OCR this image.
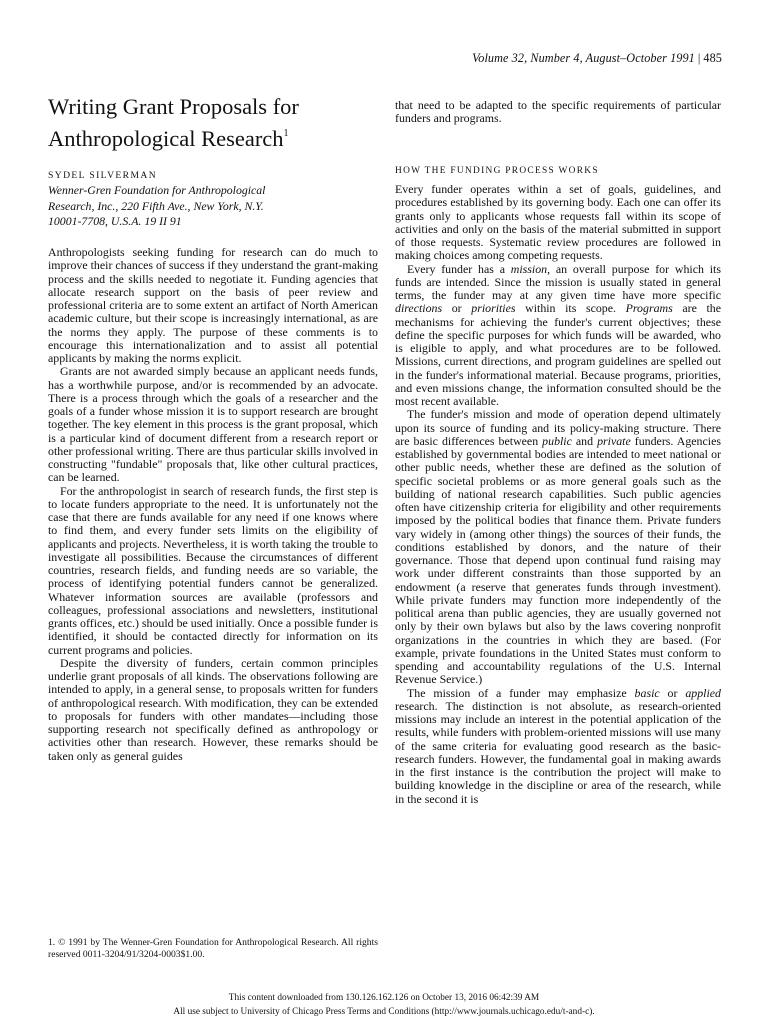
Volume 32, Number 4, August–October 1991 | 485
Writing Grant Proposals for
Anthropological Research$^1$
SYDEL SILVERMAN
Wenner-Gren Foundation for Anthropological
Research, Inc., 220 Fifth Ave., New York, N.Y.
10001-7708, U.S.A. 19 II 91

Anthropologists seeking funding for research can do much to improve their chances of success if they understand the grant-making process and the skills needed to negotiate it. Funding agencies that allocate research support on the basis of peer review and professional criteria are to some extent an artifact of North American academic culture, but their scope is increasingly international, as are the norms they apply. The purpose of these comments is to encourage this internationalization and to assist all potential applicants by making the norms explicit.

Grants are not awarded simply because an applicant needs funds, has a worthwhile purpose, and/or is recommended by an advocate. There is a process through which the goals of a researcher and the goals of a funder whose mission it is to support research are brought together. The key element in this process is the grant proposal, which is a particular kind of document different from a research report or other professional writing. There are thus particular skills involved in constructing "fundable" proposals that, like other cultural practices, can be learned.

For the anthropologist in search of research funds, the first step is to locate funders appropriate to the need. It is unfortunately not the case that there are funds available for any need if one knows where to find them, and every funder sets limits on the eligibility of applicants and projects. Nevertheless, it is worth taking the trouble to investigate all possibilities. Because the circumstances of different countries, research fields, and funding needs are so variable, the process of identifying potential funders cannot be generalized. Whatever information sources are available (professors and colleagues, professional associations and newsletters, institutional grants offices, etc.) should be used initially. Once a possible funder is identified, it should be contacted directly for information on its current programs and policies.

Despite the diversity of funders, certain common principles underlie grant proposals of all kinds. The observations following are intended to apply, in a general sense, to proposals written for funders of anthropological research. With modification, they can be extended to proposals for funders with other mandates—including those supporting research not specifically defined as anthropology or activities other than research. However, these remarks should be taken only as general guides

1. © 1991 by The Wenner-Gren Foundation for Anthropological Research. All rights reserved 0011-3204/91/3204-0003$1.00.

that need to be adapted to the specific requirements of particular funders and programs.

HOW THE FUNDING PROCESS WORKS

Every funder operates within a set of goals, guidelines, and procedures established by its governing body. Each one can offer its grants only to applicants whose requests fall within its scope of activities and only on the basis of the material submitted in support of those requests. Systematic review procedures are followed in making choices among competing requests.

Every funder has a mission, an overall purpose for which its funds are intended. Since the mission is usually stated in general terms, the funder may at any given time have more specific directions or priorities within its scope. Programs are the mechanisms for achieving the funder's current objectives; these define the specific purposes for which funds will be awarded, who is eligible to apply, and what procedures are to be followed. Missions, current directions, and program guidelines are spelled out in the funder's informational material. Because programs, priorities, and even missions change, the information consulted should be the most recent available.

The funder's mission and mode of operation depend ultimately upon its source of funding and its policy-making structure. There are basic differences between public and private funders. Agencies established by governmental bodies are intended to meet national or other public needs, whether these are defined as the solution of specific societal problems or as more general goals such as the building of national research capabilities. Such public agencies often have citizenship criteria for eligibility and other requirements imposed by the political bodies that finance them. Private funders vary widely in (among other things) the sources of their funds, the conditions established by donors, and the nature of their governance. Those that depend upon continual fund raising may work under different constraints than those supported by an endowment (a reserve that generates funds through investment). While private funders may function more independently of the political arena than public agencies, they are usually governed not only by their own bylaws but also by the laws covering nonprofit organizations in the countries in which they are based. (For example, private foundations in the United States must conform to spending and accountability regulations of the U.S. Internal Revenue Service.)

The mission of a funder may emphasize basic or applied research. The distinction is not absolute, as research-oriented missions may include an interest in the potential application of the results, while funders with problem-oriented missions will use many of the same criteria for evaluating good research as the basic-research funders. However, the fundamental goal in making awards in the first instance is the contribution the project will make to building knowledge in the discipline or area of the research, while in the second it is

This content downloaded from 130.126.162.126 on October 13, 2016 06:42:39 AM
All use subject to University of Chicago Press Terms and Conditions (http://www.journals.uchicago.edu/t-and-c).
